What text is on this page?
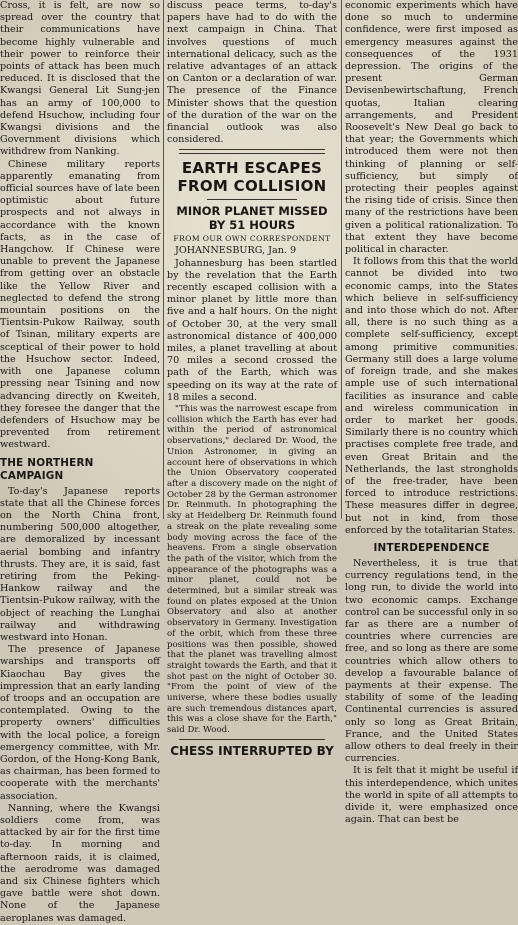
Cross, it is felt, are now so spread over the country that their communications have become highly vulnerable and their power to reinforce their points of attack has been much reduced. It is disclosed that the Kwangsi General Lit Sung-jen has an army of 100,000 to defend Hsuchow, including four Kwangsi divisions and the Government divisions which withdrew from Nanking.

Chinese military reports apparently emanating from official sources have of late been optimistic about future prospects and not always in accordance with the known facts, as in the case of Hangchow. If Chinese were unable to prevent the Japanese from getting over an obstacle like the Yellow River and neglected to defend the strong mountain positions on the Tientsin-Pukow Railway, south of Tsinan, military experts are sceptical of their power to hold the Hsuchow sector. Indeed, with one Japanese column pressing near Tsining and now advancing directly on Kweiteh, they foresee the danger that the defenders of Hsuchow may be prevented from retirement westward.

THE NORTHERN CAMPAIGN

To-day's Japanese reports state that all the Chinese forces on the North China front, numbering 500,000 altogether, are demoralized by incessant aerial bombing and infantry thrusts. They are, it is said, fast retiring from the Peking-Hankow railway and the Tientsin-Pukow railway, with the object of reaching the Lunghai railway and withdrawing westward into Honan.

The presence of Japanese warships and transports off Kiaochau Bay gives the impression that an early landing of troops and an occupation are contemplated. Owing to the property owners' difficulties with the local police, a foreign emergency committee, with Mr. Gordon, of the Hong-Kong Bank, as chairman, has been formed to cooperate with the merchants' association.

Nanning, where the Kwangsi soldiers come from, was attacked by air for the first time to-day. In morning and afternoon raids, it is claimed, the aerodrome was damaged and six Chinese fighters which gave battle were shot down. None of the Japanese aeroplanes was damaged.

discuss peace terms, to-day's papers have had to do with the next campaign in China. That involves questions of much international delicacy, such as the relative advantages of an attack on Canton or a declaration of war. The presence of the Finance Minister shows that the question of the duration of the war on the financial outlook was also considered.

EARTH ESCAPES FROM COLLISION
MINOR PLANET MISSED BY 51 HOURS
FROM OUR OWN CORRESPONDENT

JOHANNESBURG, Jan. 9

Johannesburg has been startled by the revelation that the Earth recently escaped collision with a minor planet by little more than five and a half hours. On the night of October 30, at the very small astronomical distance of 400,000 miles, a planet travelling at about 70 miles a second crossed the path of the Earth, which was speeding on its way at the rate of 18 miles a second.

"This was the narrowest escape from collision which the Earth has ever had within the period of astronomical observations," declared Dr. Wood, the Union Astronomer, in giving an account here of observations in which the Union Observatory cooperated after a discovery made on the night of October 28 by the German astronomer Dr. Reinmuth. In photographing the sky at Heidelberg Dr. Reinmuth found a streak on the plate revealing some body moving across the face of the heavens. From a single observation the path of the visitor, which from the appearance of the photographs was a minor planet, could not be determined, but a similar streak was found on plates exposed at the Union Observatory and also at another observatory in Germany. Investigation of the orbit, which from these three positions was then possible, showed that the planet was travelling almost straight towards the Earth, and that it shot past on the night of October 30. "From the point of view of the universe, where these bodies usually are such tremendous distances apart, this was a close shave for the Earth," said Dr. Wood.

CHESS INTERRUPTED BY

economic experiments which have done so much to undermine confidence, were first imposed as emergency measures against the consequences of the 1931 depression. The origins of the present German Devisenbewirtschaftung, French quotas, Italian clearing arrangements, and President Roosevelt's New Deal go back to that year; the Governments which introduced them were not then thinking of planning or self-sufficiency, but simply of protecting their peoples against the rising tide of crisis. Since then many of the restrictions have been given a political rationalization. To that extent they have become political in character.

It follows from this that the world cannot be divided into two economic camps, into the States which believe in self-sufficiency and into those which do not. After all, there is no such thing as a complete self-sufficiency, except among primitive communities. Germany still does a large volume of foreign trade, and she makes ample use of such international facilities as insurance and cable and wireless communication in order to market her goods. Similarly there is no country which practises complete free trade, and even Great Britain and the Netherlands, the last strongholds of the free-trader, have been forced to introduce restrictions. These measures differ in degree, but not in kind, from those enforced by the totalitarian States.

INTERDEPENDENCE

Nevertheless, it is true that currency regulations tend, in the long run, to divide the world into two economic camps. Exchange control can be successful only in so far as there are a number of countries where currencies are free, and so long as there are some countries which allow others to develop a favourable balance of payments at their expense. The stability of some of the leading Continental currencies is assured only so long as Great Britain, France, and the United States allow others to deal freely in their currencies.

It is felt that it might be useful if this interdependence, which unites the world in spite of all attempts to divide it, were emphasized once again. That can best be
